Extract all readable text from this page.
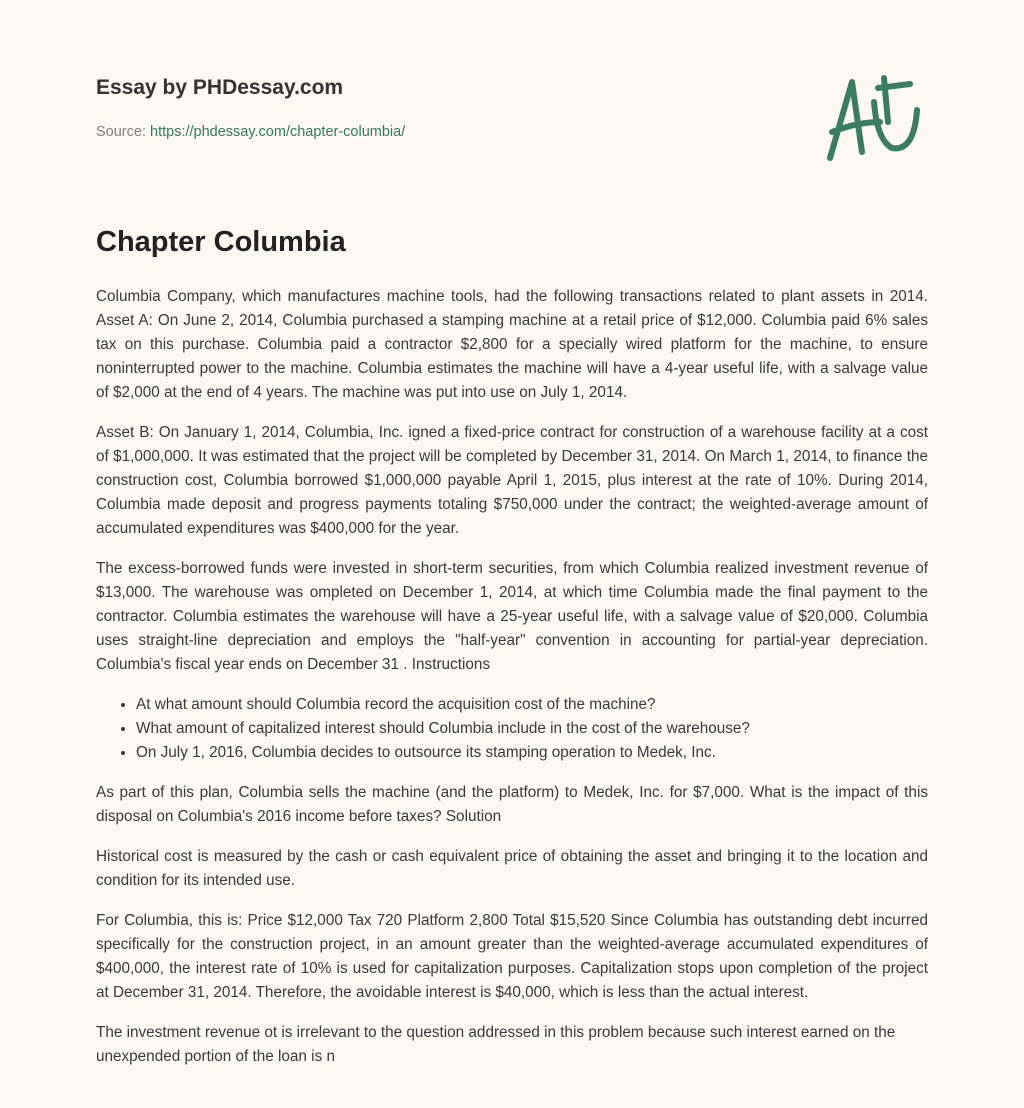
Essay by PHDessay.com
Source: https://phdessay.com/chapter-columbia/
Chapter Columbia

Columbia Company, which manufactures machine tools, had the following transactions related to plant assets in 2014. Asset A: On June 2, 2014, Columbia purchased a stamping machine at a retail price of $12,000. Columbia paid 6% sales tax on this purchase. Columbia paid a contractor $2,800 for a specially wired platform for the machine, to ensure noninterrupted power to the machine. Columbia estimates the machine will have a 4-year useful life, with a salvage value of $2,000 at the end of 4 years. The machine was put into use on July 1, 2014.

Asset B: On January 1, 2014, Columbia, Inc. igned a fixed-price contract for construction of a warehouse facility at a cost of $1,000,000. It was estimated that the project will be completed by December 31, 2014. On March 1, 2014, to finance the construction cost, Columbia borrowed $1,000,000 payable April 1, 2015, plus interest at the rate of 10%. During 2014, Columbia made deposit and progress payments totaling $750,000 under the contract; the weighted-average amount of accumulated expenditures was $400,000 for the year.

The excess-borrowed funds were invested in short-term securities, from which Columbia realized investment revenue of $13,000. The warehouse was ompleted on December 1, 2014, at which time Columbia made the final payment to the contractor. Columbia estimates the warehouse will have a 25-year useful life, with a salvage value of $20,000. Columbia uses straight-line depreciation and employs the "half-year" convention in accounting for partial-year depreciation. Columbia's fiscal year ends on December 31 . Instructions

• At what amount should Columbia record the acquisition cost of the machine?
• What amount of capitalized interest should Columbia include in the cost of the warehouse?
• On July 1, 2016, Columbia decides to outsource its stamping operation to Medek, Inc.

As part of this plan, Columbia sells the machine (and the platform) to Medek, Inc. for $7,000. What is the impact of this disposal on Columbia's 2016 income before taxes? Solution

Historical cost is measured by the cash or cash equivalent price of obtaining the asset and bringing it to the location and condition for its intended use.

For Columbia, this is: Price $12,000 Tax 720 Platform 2,800 Total $15,520 Since Columbia has outstanding debt incurred specifically for the construction project, in an amount greater than the weighted-average accumulated expenditures of $400,000, the interest rate of 10% is used for capitalization purposes. Capitalization stops upon completion of the project at December 31, 2014. Therefore, the avoidable interest is $40,000, which is less than the actual interest.

The investment revenue ot is irrelevant to the question addressed in this problem because such interest earned on the unexpended portion of the loan is n
